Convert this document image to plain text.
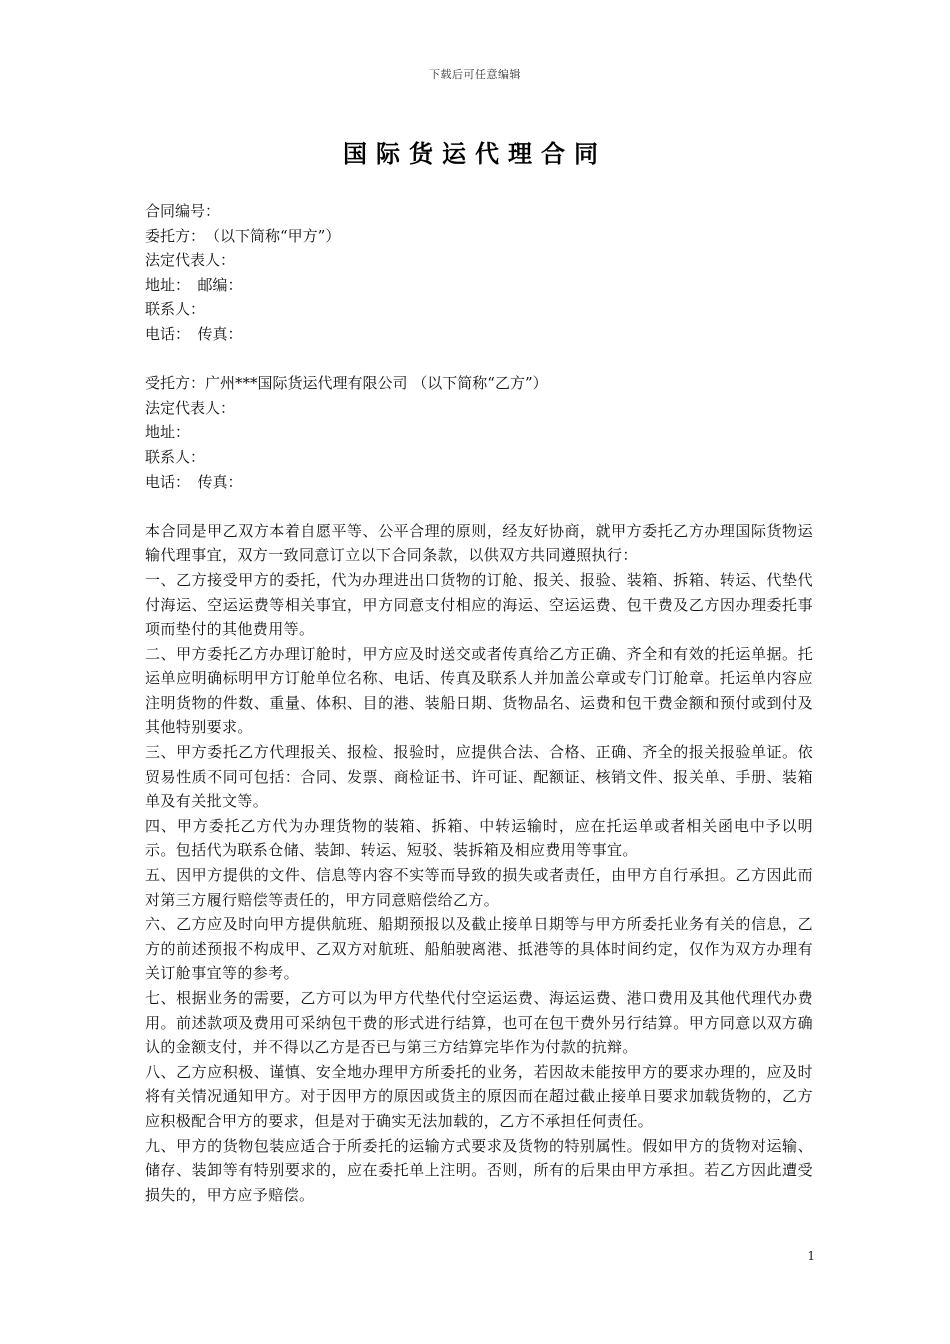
下载后可任意编辑
国际货运代理合同
合同编号：
委托方：　（以下简称“甲方”）
法定代表人：
地址：　邮编：
联系人：
电话：　传真：
受托方：广州***国际货运代理有限公司 （以下简称“乙方”）
法定代表人：
地址：
联系人：
电话：　传真：

本合同是甲乙双方本着自愿平等、公平合理的原则，经友好协商，就甲方委托乙方办理国际货物运输代理事宜，双方一致同意订立以下合同条款，以供双方共同遵照执行：

一、乙方接受甲方的委托，代为办理进出口货物的订舱、报关、报验、装箱、拆箱、转运、代垫代付海运、空运运费等相关事宜，甲方同意支付相应的海运、空运运费、包干费及乙方因办理委托事项而垫付的其他费用等。

二、甲方委托乙方办理订舱时，甲方应及时送交或者传真给乙方正确、齐全和有效的托运单据。托运单应明确标明甲方订舱单位名称、电话、传真及联系人并加盖公章或专门订舱章。托运单内容应注明货物的件数、重量、体积、目的港、装船日期、货物品名、运费和包干费金额和预付或到付及其他特别要求。

三、甲方委托乙方代理报关、报检、报验时，应提供合法、合格、正确、齐全的报关报验单证。依贸易性质不同可包括：合同、发票、商检证书、许可证、配额证、核销文件、报关单、手册、装箱单及有关批文等。

四、甲方委托乙方代为办理货物的装箱、拆箱、中转运输时，应在托运单或者相关函电中予以明示。包括代为联系仓储、装卸、转运、短驳、装拆箱及相应费用等事宜。

五、因甲方提供的文件、信息等内容不实等而导致的损失或者责任，由甲方自行承担。乙方因此而对第三方履行赔偿等责任的，甲方同意赔偿给乙方。

六、乙方应及时向甲方提供航班、船期预报以及截止接单日期等与甲方所委托业务有关的信息，乙方的前述预报不构成甲、乙双方对航班、船舶驶离港、抵港等的具体时间约定，仅作为双方办理有关订舱事宜等的参考。

七、根据业务的需要，乙方可以为甲方代垫代付空运运费、海运运费、港口费用及其他代理代办费用。前述款项及费用可采纳包干费的形式进行结算，也可在包干费外另行结算。甲方同意以双方确认的金额支付，并不得以乙方是否已与第三方结算完毕作为付款的抗辩。

八、乙方应积极、谨慎、安全地办理甲方所委托的业务，若因故未能按甲方的要求办理的，应及时将有关情况通知甲方。对于因甲方的原因或货主的原因而在超过截止接单日要求加载货物的，乙方应积极配合甲方的要求，但是对于确实无法加载的，乙方不承担任何责任。

九、甲方的货物包装应适合于所委托的运输方式要求及货物的特别属性。假如甲方的货物对运输、储存、装卸等有特别要求的，应在委托单上注明。否则，所有的后果由甲方承担。若乙方因此遭受损失的，甲方应予赔偿。

1
